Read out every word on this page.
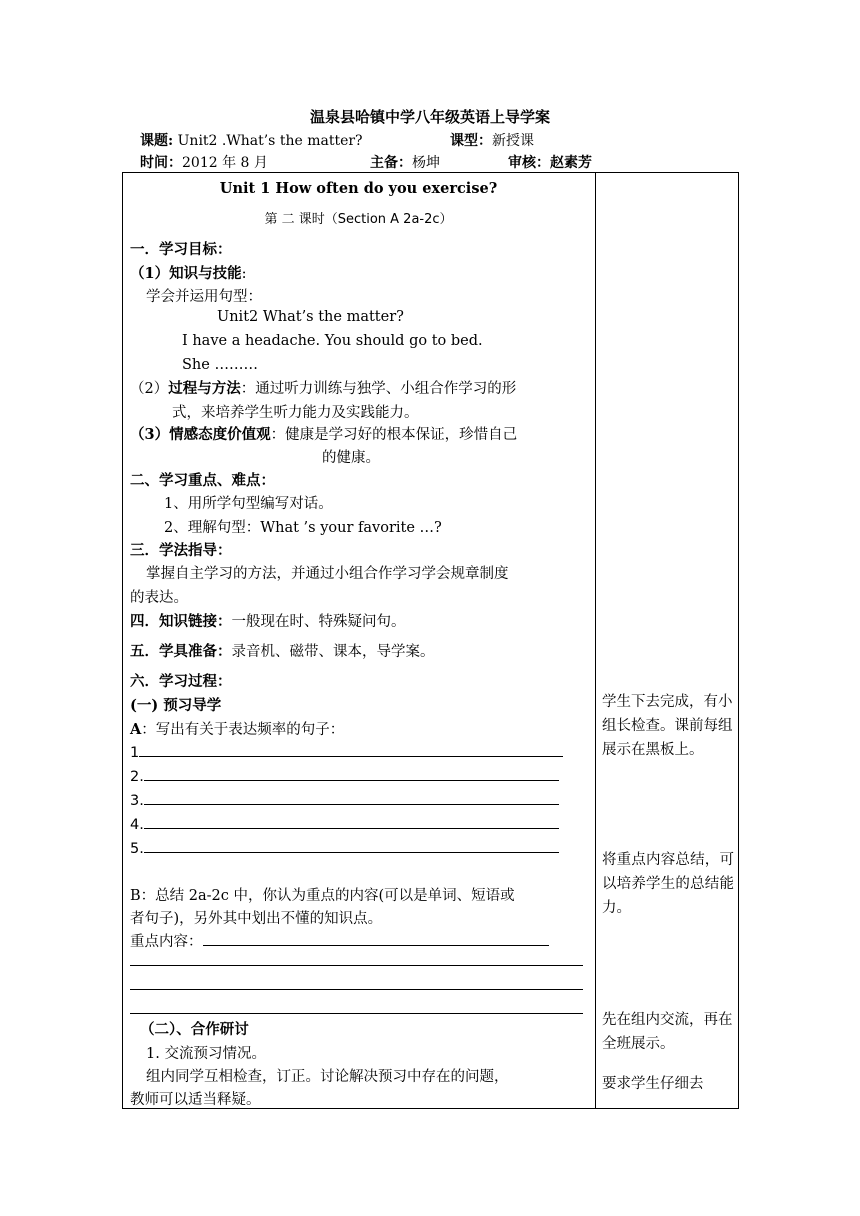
温泉县哈镇中学八年级英语上导学案
课题: Unit2 .What’s the matter?	课型：新授课
时间：2012 年 8 月	主备：杨坤	审核：赵素芳
Unit 1 How often do you exercise?
第 二 课时（Section A 2a-2c）
一．学习目标：
（1）知识与技能:
学会并运用句型：
Unit2 What’s the matter?
I have a headache. You should go to bed.
She ………
（2）过程与方法：通过听力训练与独学、小组合作学习的形
式，来培养学生听力能力及实践能力。
（3）情感态度价值观：健康是学习好的根本保证，珍惜自己
的健康。
二、学习重点、难点：
1、用所学句型编写对话。
2、理解句型：What ’s your favorite …?
三．学法指导：
掌握自主学习的方法，并通过小组合作学习学会规章制度
的表达。
四．知识链接：一般现在时、特殊疑问句。
五．学具准备：录音机、磁带、课本，导学案。
六．学习过程：
(一) 预习导学
A：写出有关于表达频率的句子：
1
2.
3.
4.
5.
B：总结 2a-2c 中，你认为重点的内容(可以是单词、短语或
者句子)，另外其中划出不懂的知识点。
重点内容：
（二）、合作研讨
1. 交流预习情况。
组内同学互相检查，订正。讨论解决预习中存在的问题，
教师可以适当释疑。
学生下去完成，有小组长检查。课前每组展示在黑板上。
将重点内容总结，可以培养学生的总结能力。
先在组内交流，再在全班展示。
要求学生仔细去
